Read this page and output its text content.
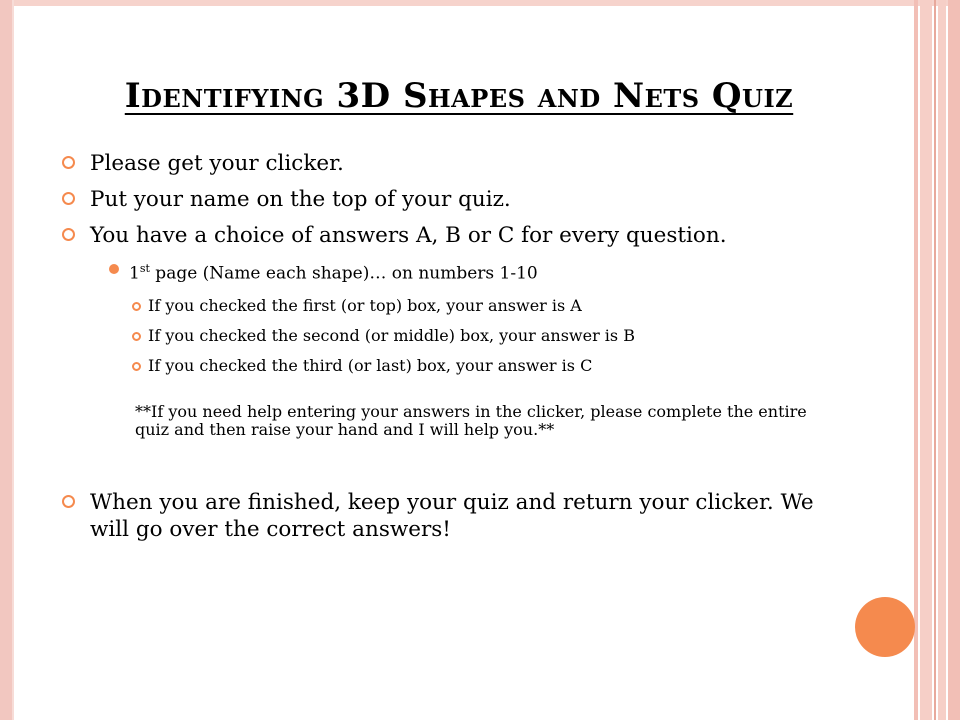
Identifying 3D Shapes and Nets Quiz
Please get your clicker.
Put your name on the top of your quiz.
You have a choice of answers A, B or C for every question.
1st page (Name each shape)… on numbers 1-10
If you checked the first (or top) box, your answer is A
If you checked the second (or middle) box, your answer is B
If you checked the third (or last) box, your answer is C
**If you need help entering your answers in the clicker, please complete the entire quiz and then raise your hand and I will help you.**
When you are finished, keep your quiz and return your clicker. We will go over the correct answers!
